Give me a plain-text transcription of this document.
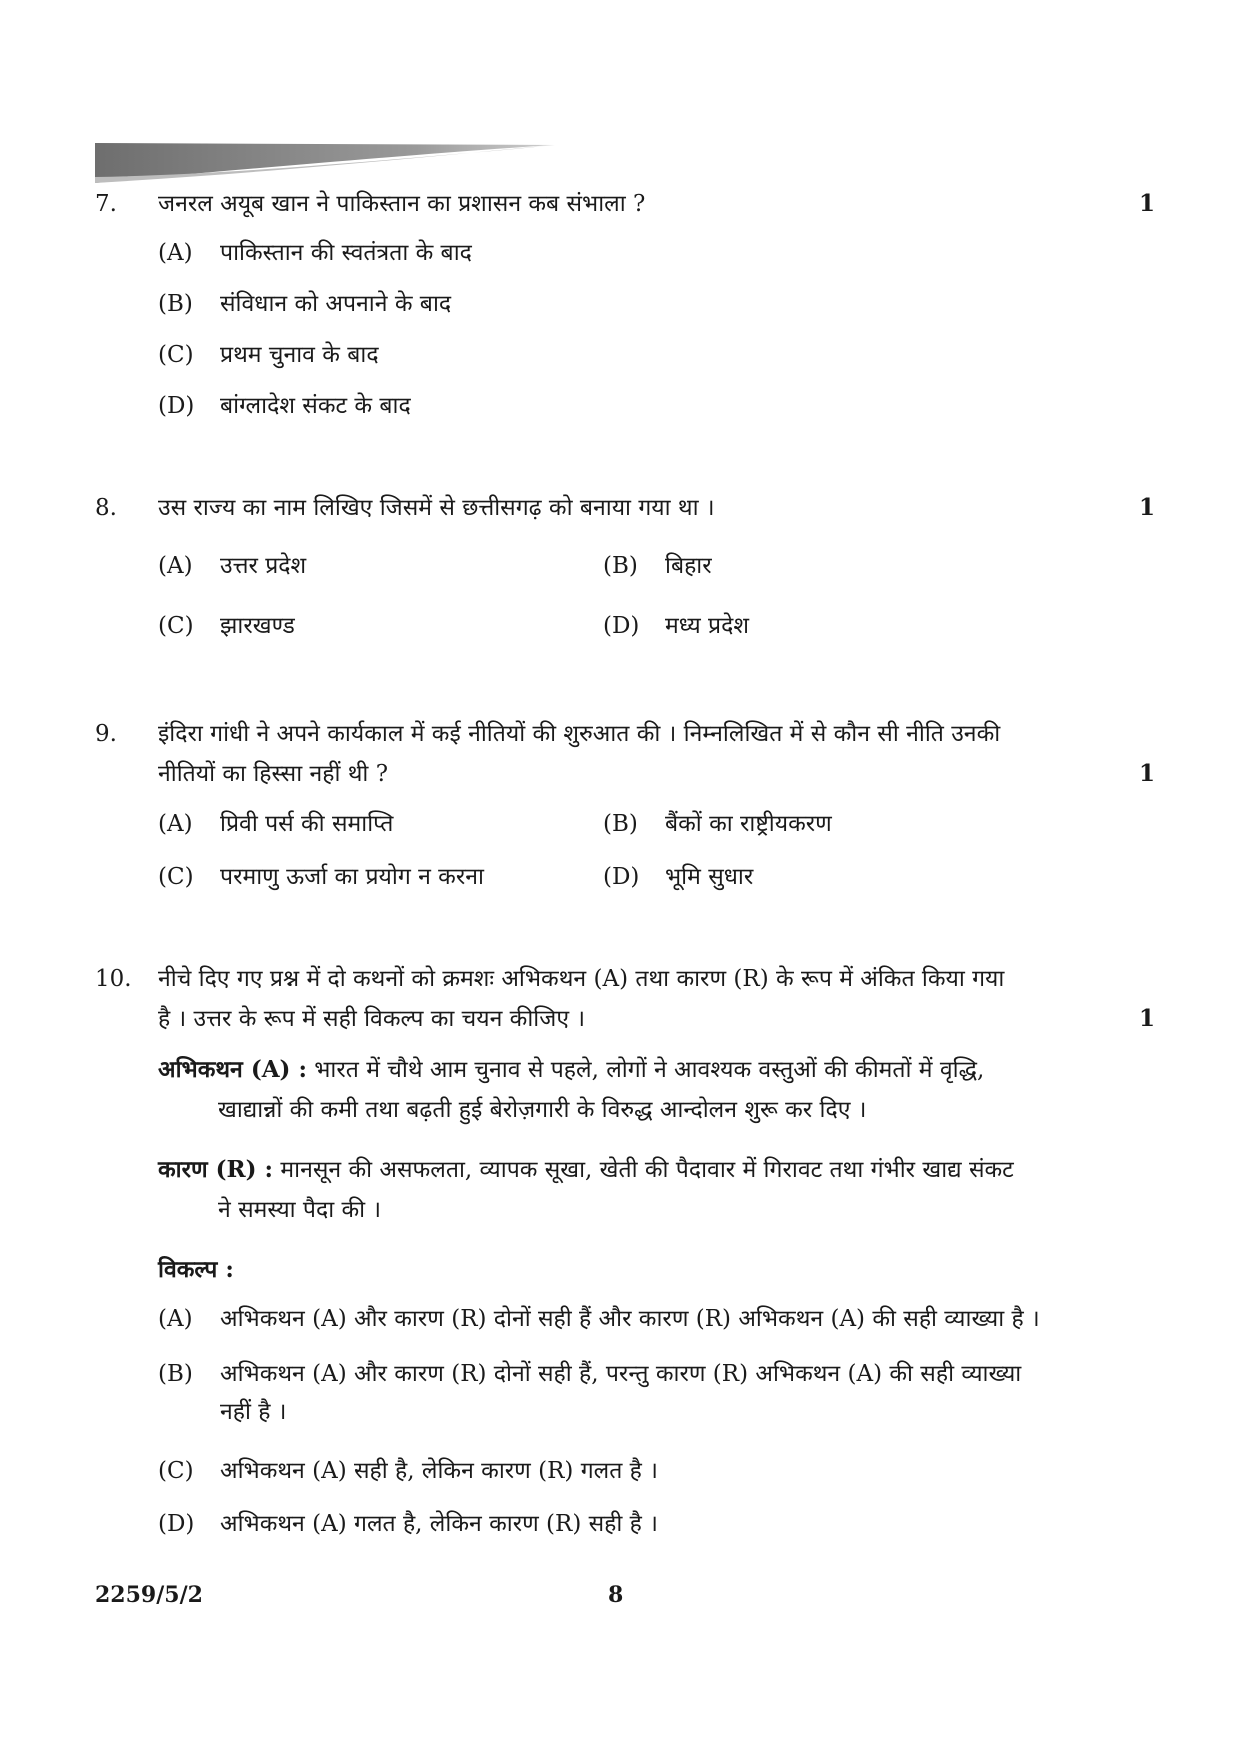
7.	जनरल अयूब खान ने पाकिस्तान का प्रशासन कब संभाला ?	1
(A) पाकिस्तान की स्वतंत्रता के बाद
(B) संविधान को अपनाने के बाद
(C) प्रथम चुनाव के बाद
(D) बांग्लादेश संकट के बाद
8.	उस राज्य का नाम लिखिए जिसमें से छत्तीसगढ़ को बनाया गया था ।	1
(A) उत्तर प्रदेश	(B) बिहार
(C) झारखण्ड	(D) मध्य प्रदेश
9.	इंदिरा गांधी ने अपने कार्यकाल में कई नीतियों की शुरुआत की । निम्नलिखित में से कौन सी नीति उनकी
नीतियों का हिस्सा नहीं थी ?	1
(A) प्रिवी पर्स की समाप्ति	(B) बैंकों का राष्ट्रीयकरण
(C) परमाणु ऊर्जा का प्रयोग न करना	(D) भूमि सुधार
10.	नीचे दिए गए प्रश्न में दो कथनों को क्रमशः अभिकथन (A) तथा कारण (R) के रूप में अंकित किया गया
है । उत्तर के रूप में सही विकल्प का चयन कीजिए ।	1
अभिकथन (A) : भारत में चौथे आम चुनाव से पहले, लोगों ने आवश्यक वस्तुओं की कीमतों में वृद्धि,
खाद्यान्नों की कमी तथा बढ़ती हुई बेरोज़गारी के विरुद्ध आन्दोलन शुरू कर दिए ।
कारण (R) : मानसून की असफलता, व्यापक सूखा, खेती की पैदावार में गिरावट तथा गंभीर खाद्य संकट
ने समस्या पैदा की ।
विकल्प :
(A) अभिकथन (A) और कारण (R) दोनों सही हैं और कारण (R) अभिकथन (A) की सही व्याख्या है ।
(B) अभिकथन (A) और कारण (R) दोनों सही हैं, परन्तु कारण (R) अभिकथन (A) की सही व्याख्या
नहीं है ।
(C) अभिकथन (A) सही है, लेकिन कारण (R) गलत है ।
(D) अभिकथन (A) गलत है, लेकिन कारण (R) सही है ।
2259/5/2	8
